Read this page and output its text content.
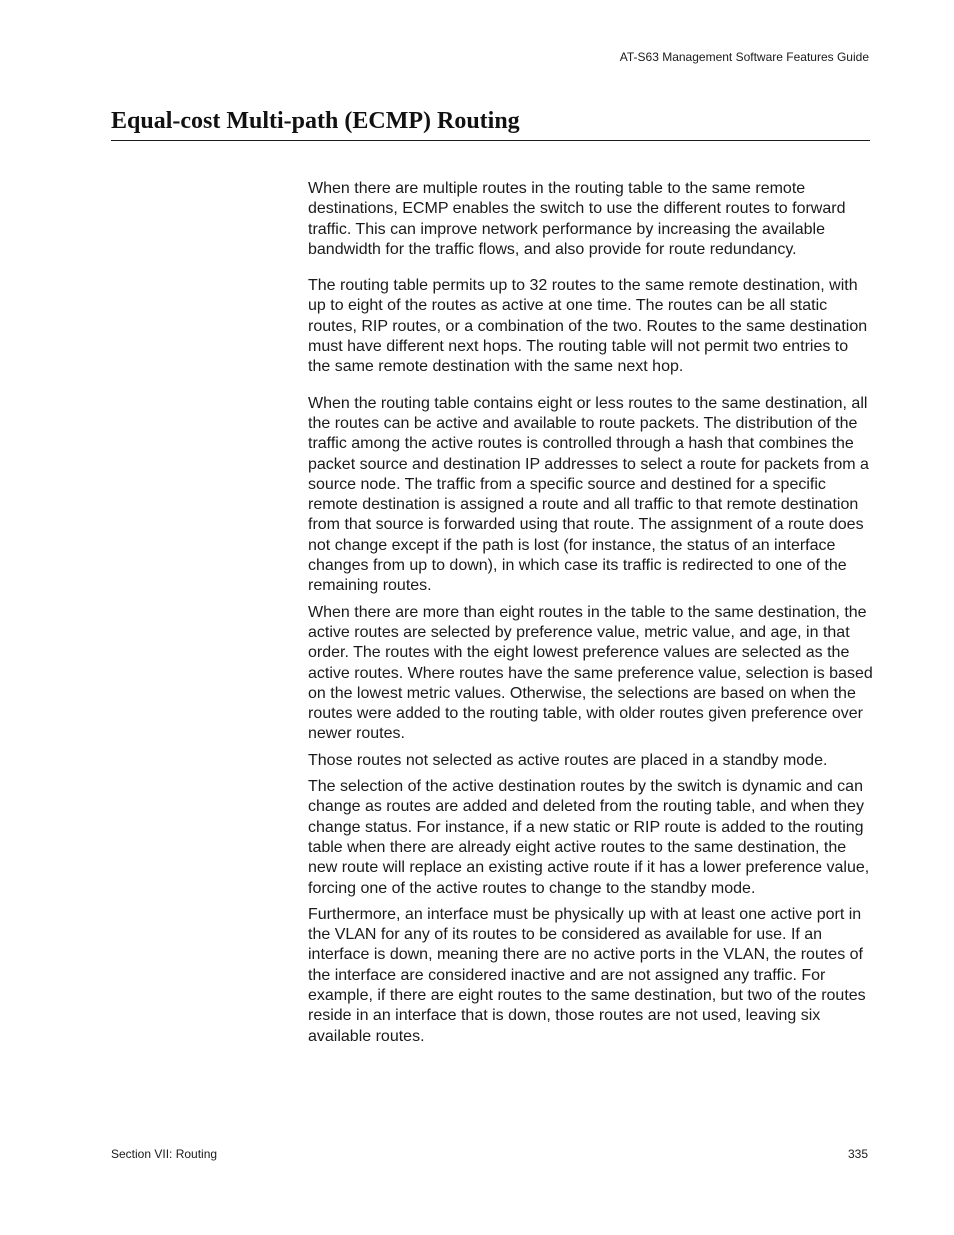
AT-S63 Management Software Features Guide
Equal-cost Multi-path (ECMP) Routing

When there are multiple routes in the routing table to the same remote destinations, ECMP enables the switch to use the different routes to forward traffic. This can improve network performance by increasing the available bandwidth for the traffic flows, and also provide for route redundancy.

The routing table permits up to 32 routes to the same remote destination, with up to eight of the routes as active at one time. The routes can be all static routes, RIP routes, or a combination of the two. Routes to the same destination must have different next hops. The routing table will not permit two entries to the same remote destination with the same next hop.

When the routing table contains eight or less routes to the same destination, all the routes can be active and available to route packets. The distribution of the traffic among the active routes is controlled through a hash that combines the packet source and destination IP addresses to select a route for packets from a source node. The traffic from a specific source and destined for a specific remote destination is assigned a route and all traffic to that remote destination from that source is forwarded using that route. The assignment of a route does not change except if the path is lost (for instance, the status of an interface changes from up to down), in which case its traffic is redirected to one of the remaining routes.

When there are more than eight routes in the table to the same destination, the active routes are selected by preference value, metric value, and age, in that order. The routes with the eight lowest preference values are selected as the active routes. Where routes have the same preference value, selection is based on the lowest metric values. Otherwise, the selections are based on when the routes were added to the routing table, with older routes given preference over newer routes.

Those routes not selected as active routes are placed in a standby mode.

The selection of the active destination routes by the switch is dynamic and can change as routes are added and deleted from the routing table, and when they change status. For instance, if a new static or RIP route is added to the routing table when there are already eight active routes to the same destination, the new route will replace an existing active route if it has a lower preference value, forcing one of the active routes to change to the standby mode.

Furthermore, an interface must be physically up with at least one active port in the VLAN for any of its routes to be considered as available for use. If an interface is down, meaning there are no active ports in the VLAN, the routes of the interface are considered inactive and are not assigned any traffic. For example, if there are eight routes to the same destination, but two of the routes reside in an interface that is down, those routes are not used, leaving six available routes.

Section VII: Routing	335
